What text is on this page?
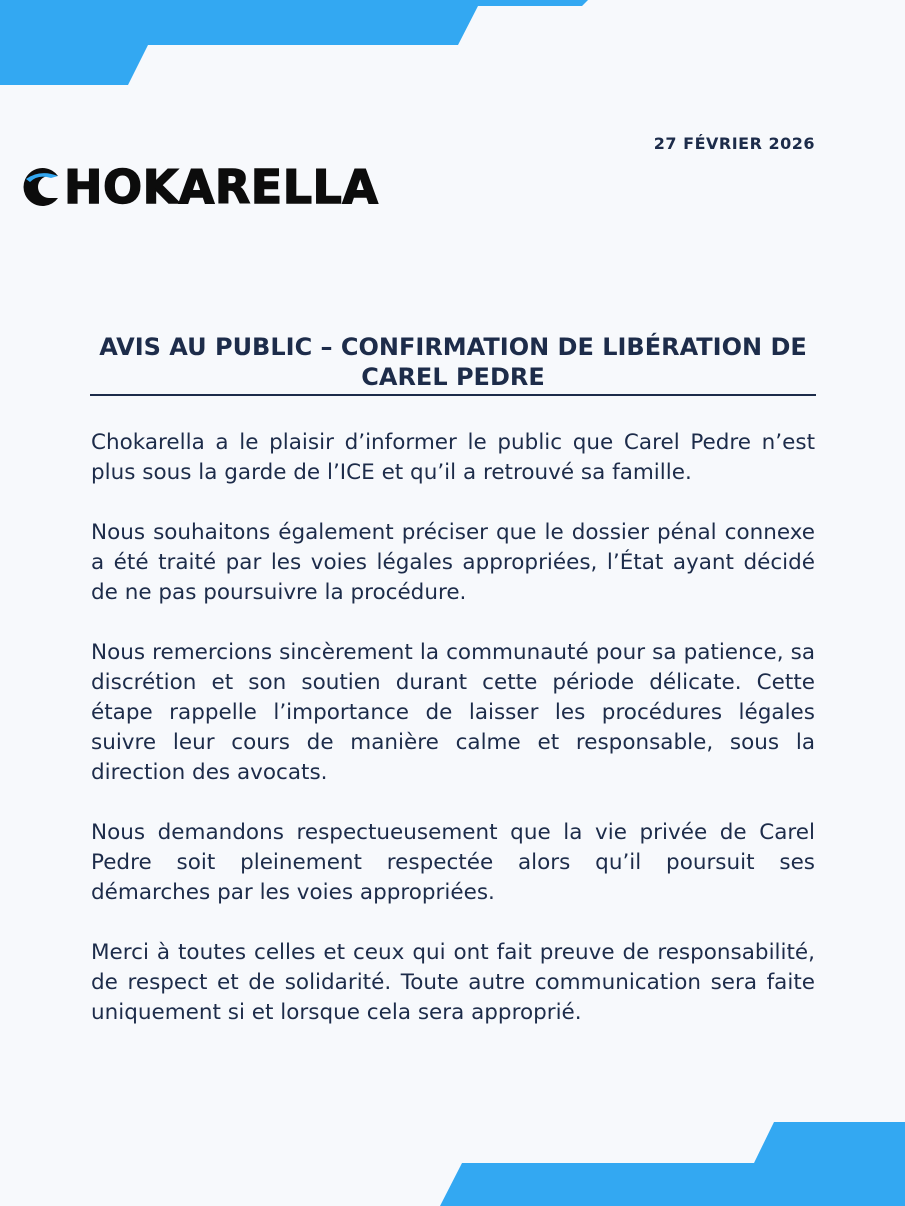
27 FÉVRIER 2026
HOKARELLA
AVIS AU PUBLIC – CONFIRMATION DE LIBÉRATION DE CAREL PEDRE

Chokarella a le plaisir d’informer le public que Carel Pedre n’est plus sous la garde de l’ICE et qu’il a retrouvé sa famille.

Nous souhaitons également préciser que le dossier pénal connexe a été traité par les voies légales appropriées, l’État ayant décidé de ne pas poursuivre la procédure.

Nous remercions sincèrement la communauté pour sa patience, sa discrétion et son soutien durant cette période délicate. Cette étape rappelle l’importance de laisser les procédures légales suivre leur cours de manière calme et responsable, sous la direction des avocats.

Nous demandons respectueusement que la vie privée de Carel Pedre soit pleinement respectée alors qu’il poursuit ses démarches par les voies appropriées.

Merci à toutes celles et ceux qui ont fait preuve de responsabilité, de respect et de solidarité. Toute autre communication sera faite uniquement si et lorsque cela sera approprié.
